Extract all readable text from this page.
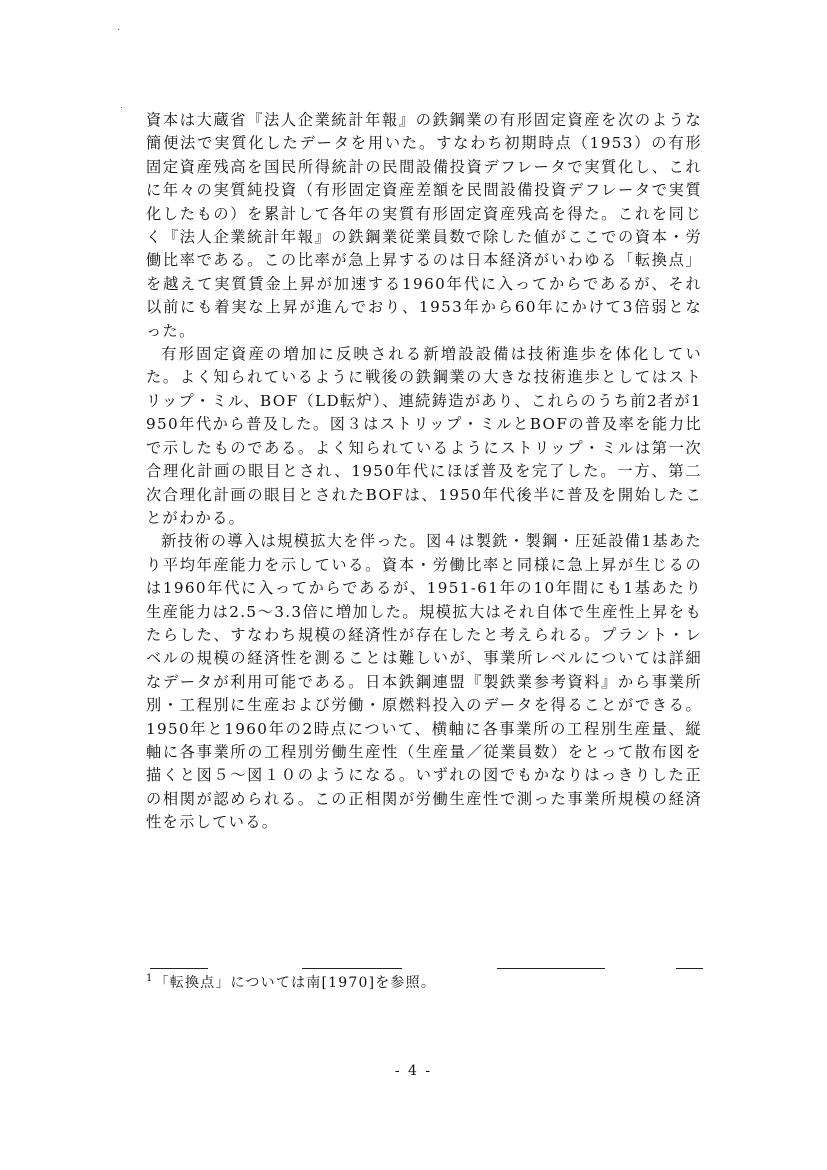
資本は大蔵省『法人企業統計年報』の鉄鋼業の有形固定資産を次のような簡便法で実質化したデータを用いた。すなわち初期時点（1953）の有形固定資産残高を国民所得統計の民間設備投資デフレータで実質化し、これに年々の実質純投資（有形固定資産差額を民間設備投資デフレータで実質化したもの）を累計して各年の実質有形固定資産残高を得た。これを同じく『法人企業統計年報』の鉄鋼業従業員数で除した値がここでの資本・労働比率である。この比率が急上昇するのは日本経済がいわゆる「転換点」を越えて実質賃金上昇が加速する1960年代に入ってからであるが、それ以前にも着実な上昇が進んでおり、1953年から60年にかけて3倍弱となった。

有形固定資産の増加に反映される新増設設備は技術進歩を体化していた。よく知られているように戦後の鉄鋼業の大きな技術進歩としてはストリップ・ミル、BOF（LD転炉）、連続鋳造があり、これらのうち前2者が1950年代から普及した。図３はストリップ・ミルとBOFの普及率を能力比で示したものである。よく知られているようにストリップ・ミルは第一次合理化計画の眼目とされ、1950年代にほぼ普及を完了した。一方、第二次合理化計画の眼目とされたBOFは、1950年代後半に普及を開始したことがわかる。

新技術の導入は規模拡大を伴った。図４は製銑・製鋼・圧延設備1基あたり平均年産能力を示している。資本・労働比率と同様に急上昇が生じるのは1960年代に入ってからであるが、1951-61年の10年間にも1基あたり生産能力は2.5～3.3倍に増加した。規模拡大はそれ自体で生産性上昇をもたらした、すなわち規模の経済性が存在したと考えられる。プラント・レベルの規模の経済性を測ることは難しいが、事業所レベルについては詳細なデータが利用可能である。日本鉄鋼連盟『製鉄業参考資料』から事業所別・工程別に生産および労働・原燃料投入のデータを得ることができる。1950年と1960年の2時点について、横軸に各事業所の工程別生産量、縦軸に各事業所の工程別労働生産性（生産量／従業員数）をとって散布図を描くと図５～図１０のようになる。いずれの図でもかなりはっきりした正の相関が認められる。この正相関が労働生産性で測った事業所規模の経済性を示している。

$^1$「転換点」については南[1970]を参照。
- 4 -
